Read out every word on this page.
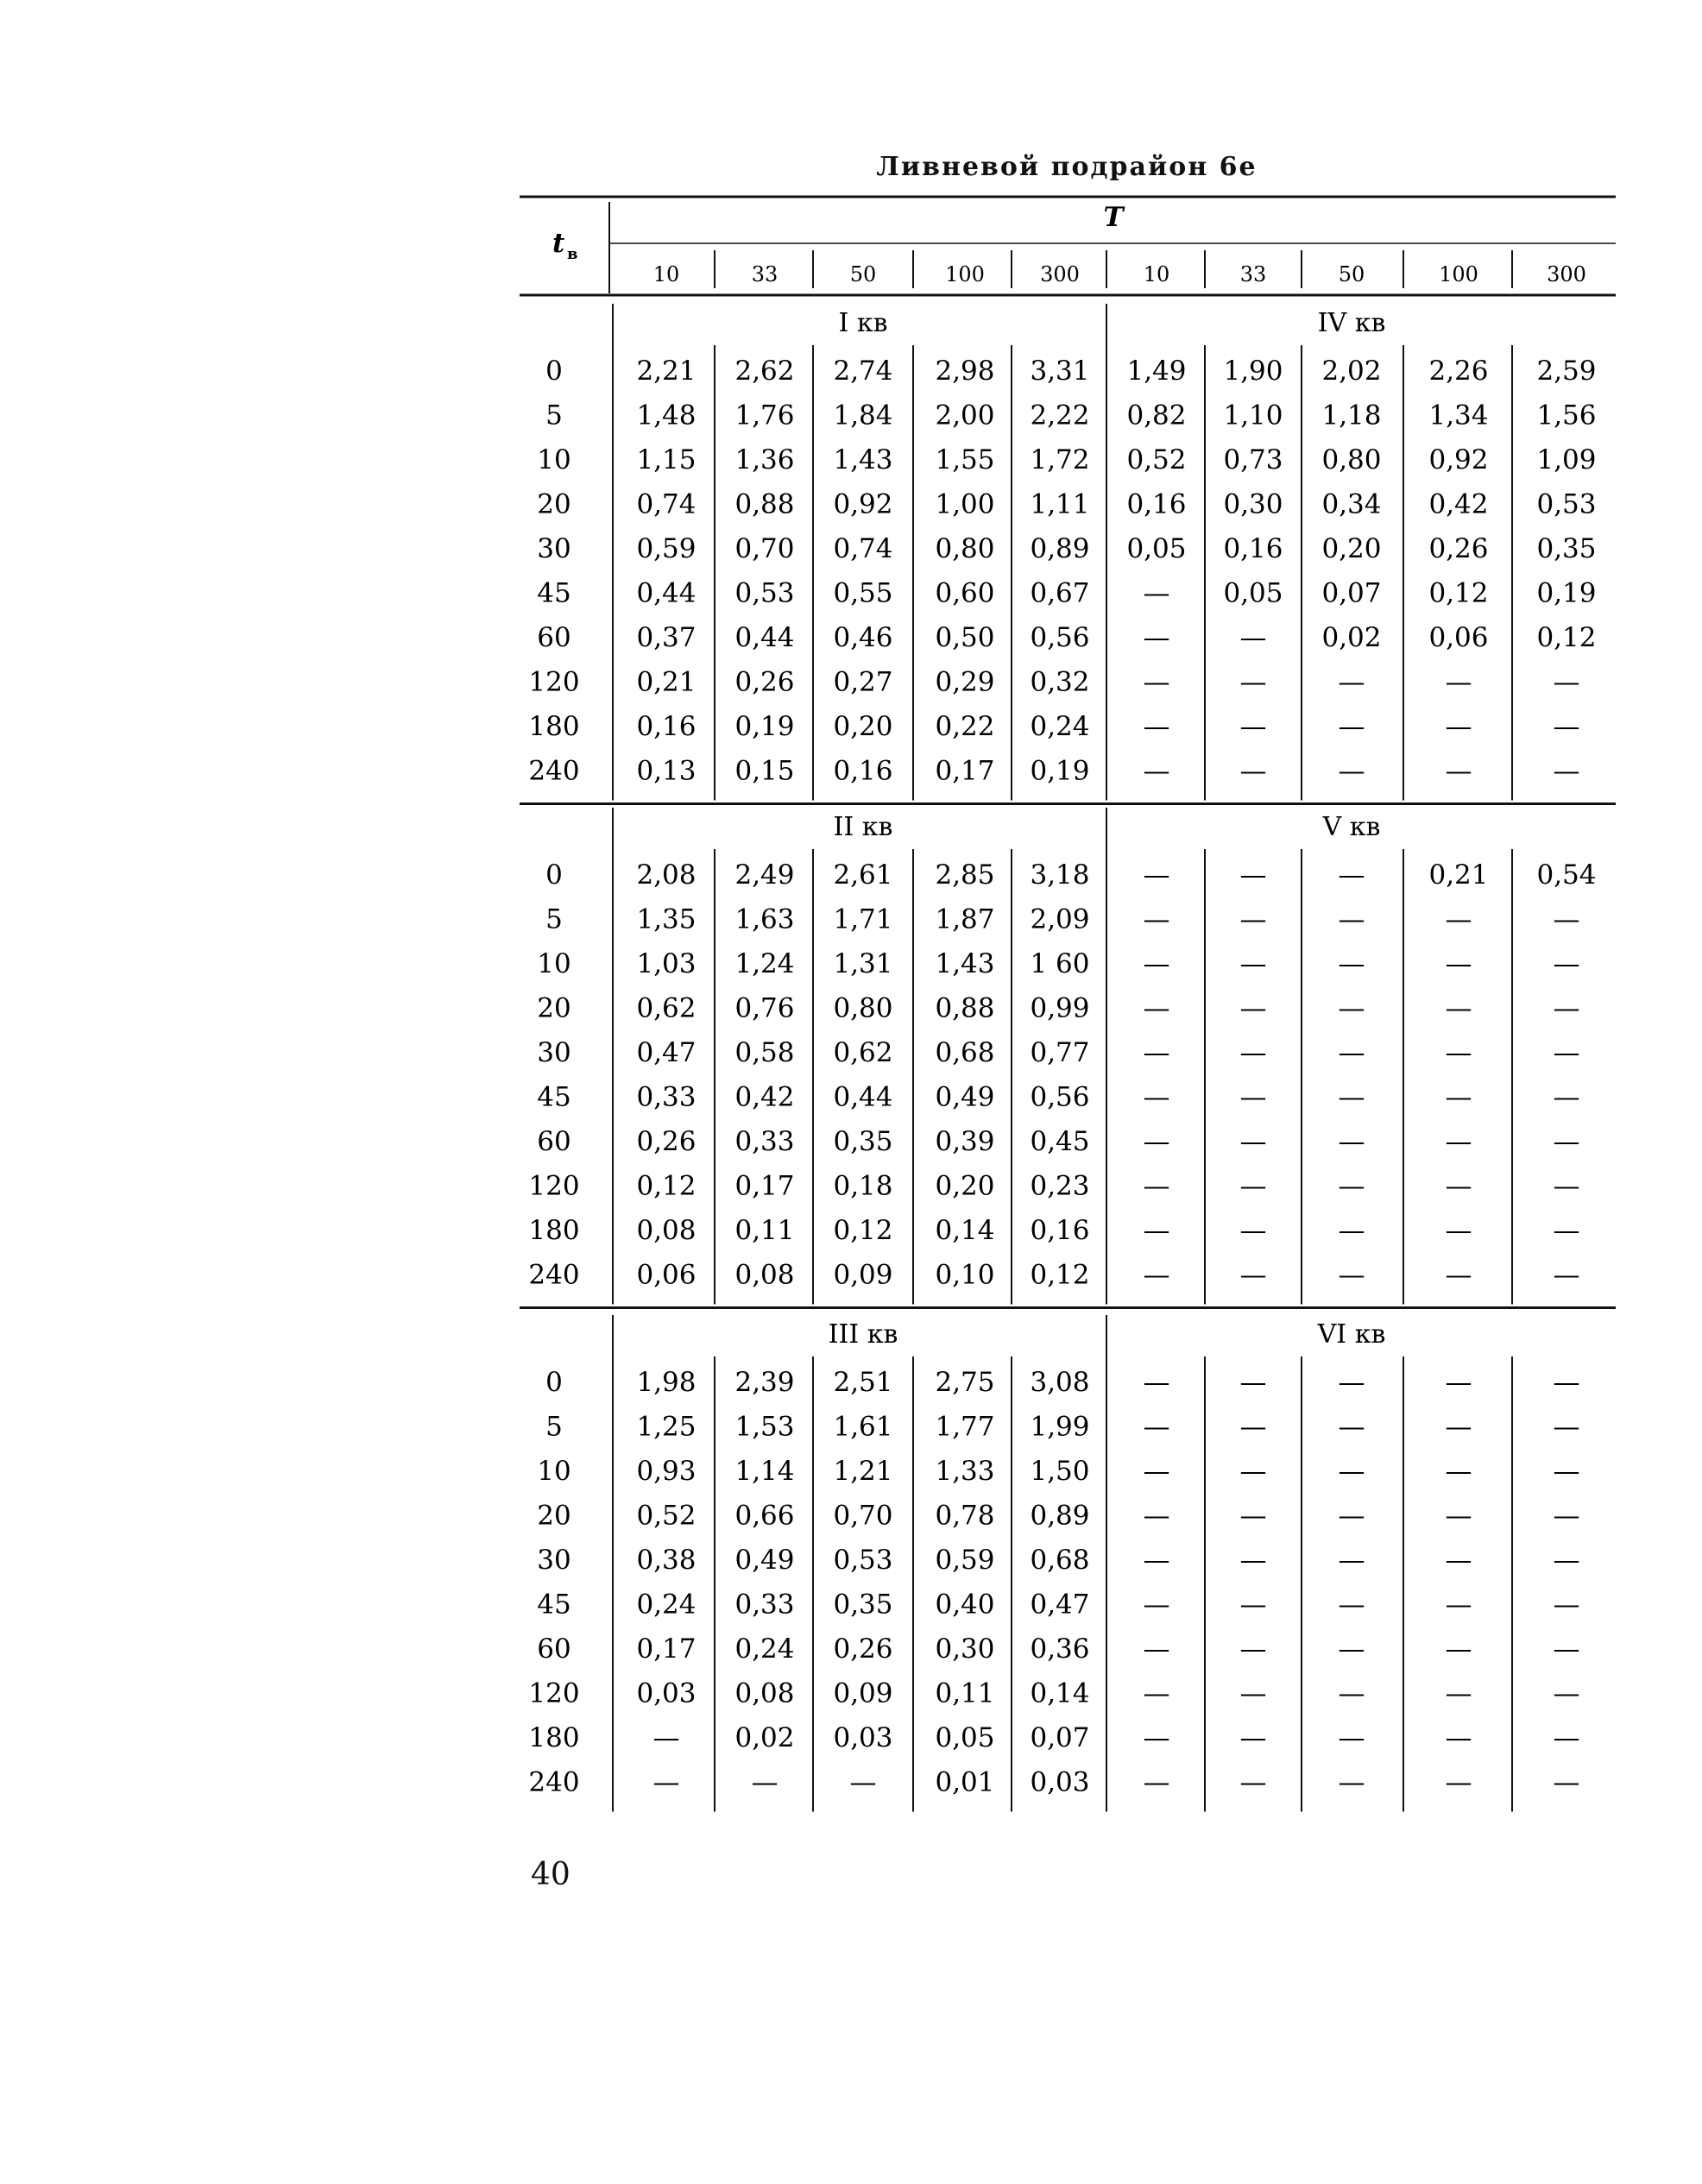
Ливневой подрайон 6е
T
t в
10	33	50	100	300	10	33	50	100	300
I кв	IV кв
0	2,21 2,62 2,74 2,98 3,31 1,49 1,90 2,02 2,26 2,59
5	1,48 1,76 1,84 2,00 2,22 0,82 1,10 1,18 1,34 1,56
10 1,15 1,36 1,43 1,55 1,72 0,52 0,73 0,80 0,92 1,09
20 0,74 0,88 0,92 1,00 1,11 0,16 0,30 0,34 0,42 0,53
30 0,59 0,70 0,74 0,80 0,89 0,05 0,16 0,20 0,26 0,35
45 0,44 0,53 0,55 0,60 0,67 — 0,05 0,07 0,12 0,19
60 0,37 0,44 0,46 0,50 0,56 —	— 0,02 0,06 0,12
120 0,21 0,26 0,27 0,29 0,32 —	—	—	—	—
180 0,16 0,19 0,20 0,22 0,24 —	—	—	—	—
240 0,13 0,15 0,16 0,17 0,19 —	—	—	—	—
II кв	V кв
0	2,08 2,49 2,61 2,85 3,18 —	—	— 0,21 0,54
5	1,35 1,63 1,71 1,87 2,09 —	—	—	—	—
10 1,03 1,24 1,31 1,43 1 60 —	—	—	—	—
20 0,62 0,76 0,80 0,88 0,99 —	—	—	—	—
30 0,47 0,58 0,62 0,68 0,77 —	—	—	—	—
45 0,33 0,42 0,44 0,49 0,56 —	—	—	—	—
60 0,26 0,33 0,35 0,39 0,45 —	—	—	—	—
120 0,12 0,17 0,18 0,20 0,23 —	—	—	—	—
180 0,08 0,11 0,12 0,14 0,16 —	—	—	—	—
240 0,06 0,08 0,09 0,10 0,12 —	—	—	—	—
III кв	VI кв
0	1,98 2,39 2,51 2,75 3,08 —	—	—	—	—
5	1,25 1,53 1,61 1,77 1,99 —	—	—	—	—
10 0,93 1,14 1,21 1,33 1,50 —	—	—	—	—
20 0,52 0,66 0,70 0,78 0,89 —	—	—	—	—
30 0,38 0,49 0,53 0,59 0,68 —	—	—	—	—
45 0,24 0,33 0,35 0,40 0,47 —	—	—	—	—
60 0,17 0,24 0,26 0,30 0,36 —	—	—	—	—
120 0,03 0,08 0,09 0,11 0,14 —	—	—	—	—
180	— 0,02 0,03 0,05 0,07 —	—	—	—	—
240	—	—	— 0,01 0,03 —	—	—	—	—
40
